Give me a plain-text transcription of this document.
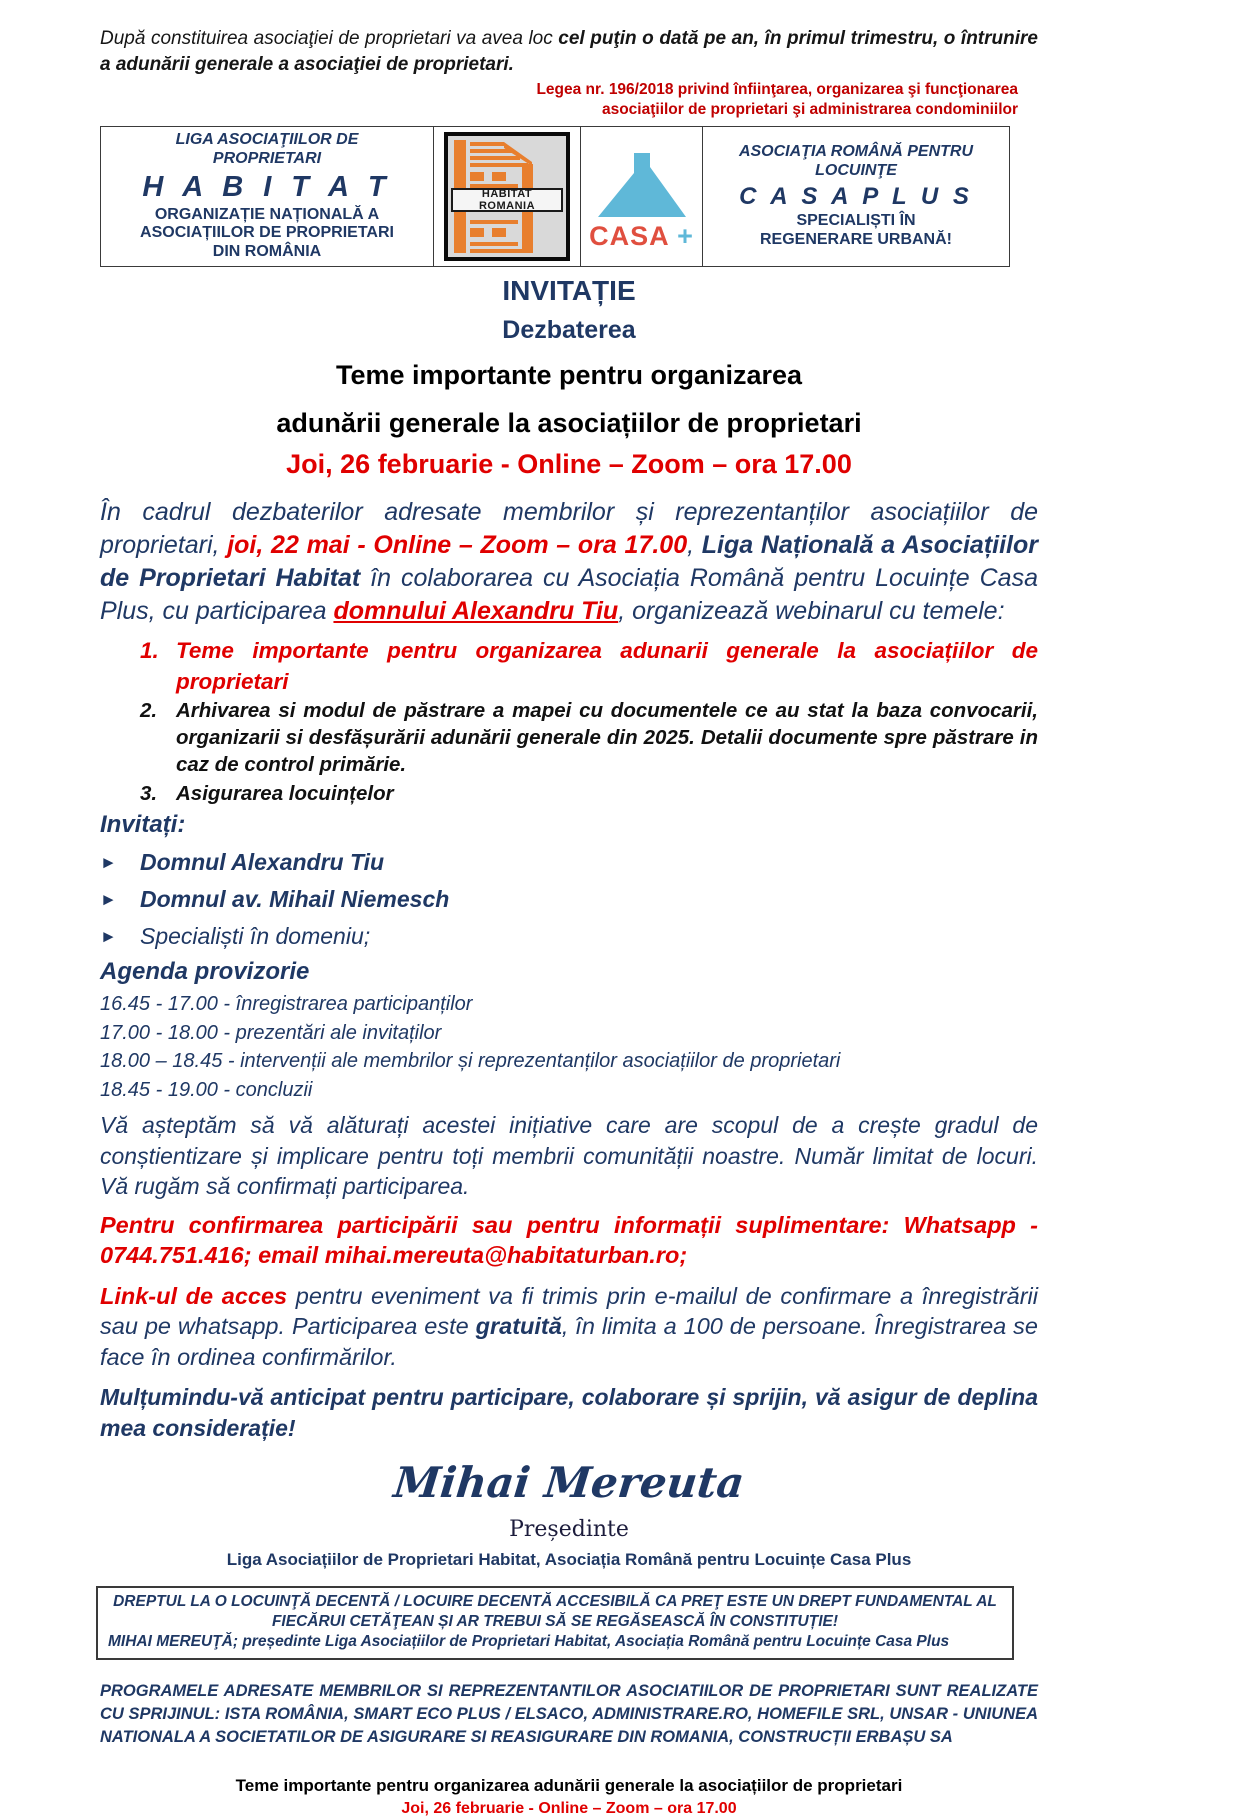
După constituirea asociaţiei de proprietari va avea loc cel puţin o dată pe an, în primul trimestru, o întrunire a adunării generale a asociaţiei de proprietari.

Legea nr. 196/2018 privind înfiinţarea, organizarea şi funcţionarea
asociaţiilor de proprietari şi administrarea condominiilor
LIGA ASOCIAŢIILOR DE
PROPRIETARI
H A B I T A T
ORGANIZAȚIE NAȚIONALĂ A
ASOCIAȚIILOR DE PROPRIETARI
DIN ROMÂNIA
HABITAT ROMANIA
CASA +
ASOCIAŢIA ROMÂNĂ PENTRU
LOCUINŢE
C A S A P L U S
SPECIALIȘTI ÎN
REGENERARE URBANĂ!
INVITAȚIE
Dezbaterea
Teme importante pentru organizarea
adunării generale la asociațiilor de proprietari
Joi, 26 februarie - Online – Zoom – ora 17.00

În cadrul dezbaterilor adresate membrilor și reprezentanților asociațiilor de proprietari, joi, 22 mai - Online – Zoom – ora 17.00, Liga Națională a Asociațiilor de Proprietari Habitat în colaborarea cu Asociația Română pentru Locuințe Casa Plus, cu participarea domnului Alexandru Tiu, organizează webinarul cu temele:

1. Teme importante pentru organizarea adunarii generale la asociațiilor de proprietari
2. Arhivarea si modul de păstrare a mapei cu documentele ce au stat la baza convocarii, organizarii si desfășurării adunării generale din 2025. Detalii documente spre păstrare in caz de control primărie.
3. Asigurarea locuințelor
Invitați:
►	Domnul Alexandru Tiu
►	Domnul av. Mihail Niemesch
►	Specialiști în domeniu;
Agenda provizorie
16.45 - 17.00 - înregistrarea participanților
17.00 - 18.00 - prezentări ale invitaților
18.00 – 18.45 - intervenții ale membrilor și reprezentanților asociațiilor de proprietari
18.45 - 19.00 - concluzii

Vă așteptăm să vă alăturați acestei inițiative care are scopul de a crește gradul de conștientizare și implicare pentru toți membrii comunității noastre. Număr limitat de locuri. Vă rugăm să confirmați participarea.

Pentru confirmarea participării sau pentru informații suplimentare: Whatsapp - 0744.751.416; email mihai.mereuta@habitaturban.ro;

Link-ul de acces pentru eveniment va fi trimis prin e-mailul de confirmare a înregistrării sau pe whatsapp. Participarea este gratuită, în limita a 100 de persoane. Înregistrarea se face în ordinea confirmărilor.

Mulțumindu-vă anticipat pentru participare, colaborare și sprijin, vă asigur de deplina mea considerație!

Mihai Mereuta
Președinte
Liga Asociațiilor de Proprietari Habitat, Asociația Română pentru Locuințe Casa Plus
DREPTUL LA O LOCUINŢĂ DECENTĂ / LOCUIRE DECENTĂ ACCESIBILĂ CA PREŢ ESTE UN DREPT FUNDAMENTAL AL FIECĂRUI CETĂŢEAN ȘI AR TREBUI SĂ SE REGĂSEASCĂ ÎN CONSTITUȚIE!
MIHAI MEREUŢĂ; președinte Liga Asociațiilor de Proprietari Habitat, Asociația Română pentru Locuințe Casa Plus

PROGRAMELE ADRESATE MEMBRILOR SI REPREZENTANTILOR ASOCIATIILOR DE PROPRIETARI SUNT REALIZATE CU SPRIJINUL: ISTA ROMÂNIA, SMART ECO PLUS / ELSACO, ADMINISTRARE.RO, HOMEFILE SRL, UNSAR - UNIUNEA NATIONALA A SOCIETATILOR DE ASIGURARE SI REASIGURARE DIN ROMANIA, CONSTRUCȚII ERBAȘU SA

Teme importante pentru organizarea adunării generale la asociațiilor de proprietari
Joi, 26 februarie - Online – Zoom – ora 17.00
